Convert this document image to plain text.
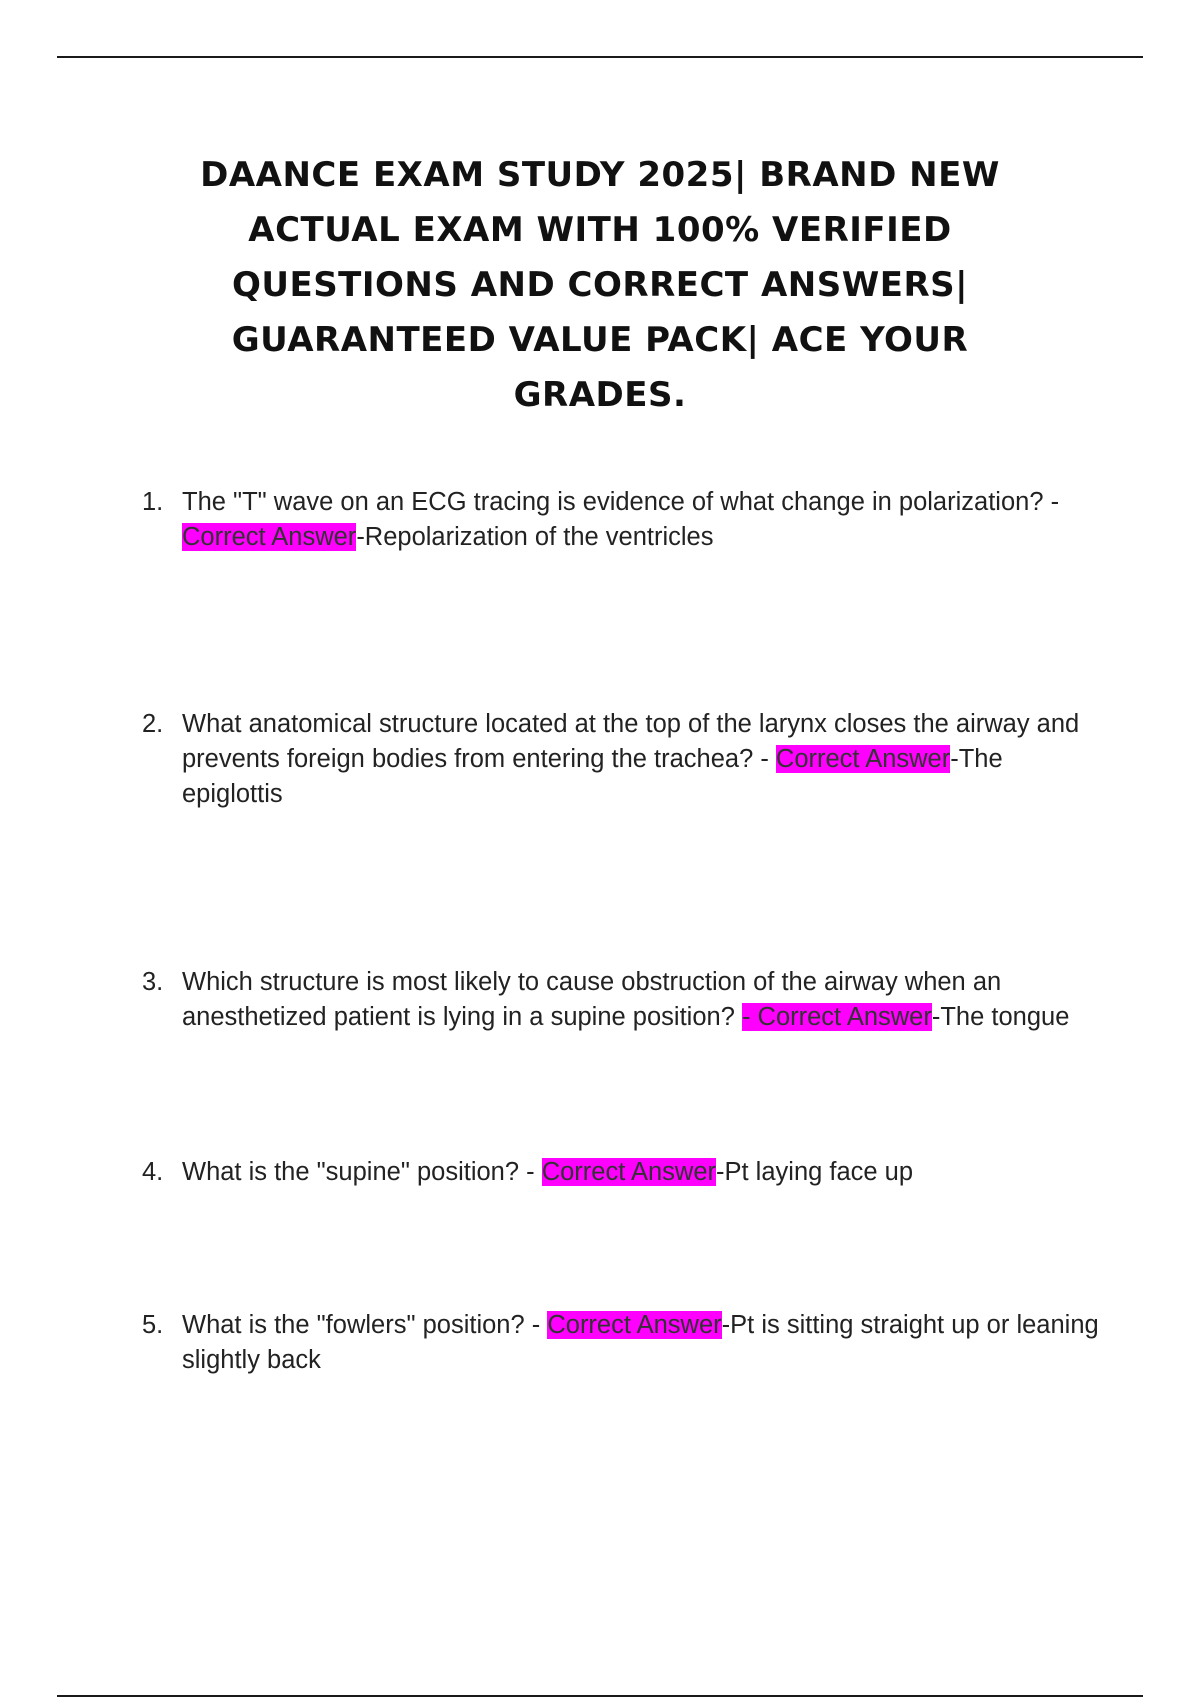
DAANCE EXAM STUDY 2025| BRAND NEW ACTUAL EXAM WITH 100% VERIFIED QUESTIONS AND CORRECT ANSWERS| GUARANTEED VALUE PACK| ACE YOUR GRADES.
1. The "T" wave on an ECG tracing is evidence of what change in polarization? - Correct Answer-Repolarization of the ventricles
2. What anatomical structure located at the top of the larynx closes the airway and prevents foreign bodies from entering the trachea? - Correct Answer-The epiglottis
3. Which structure is most likely to cause obstruction of the airway when an anesthetized patient is lying in a supine position? - Correct Answer-The tongue
4. What is the "supine" position? - Correct Answer-Pt laying face up
5. What is the "fowlers" position? - Correct Answer-Pt is sitting straight up or leaning slightly back
